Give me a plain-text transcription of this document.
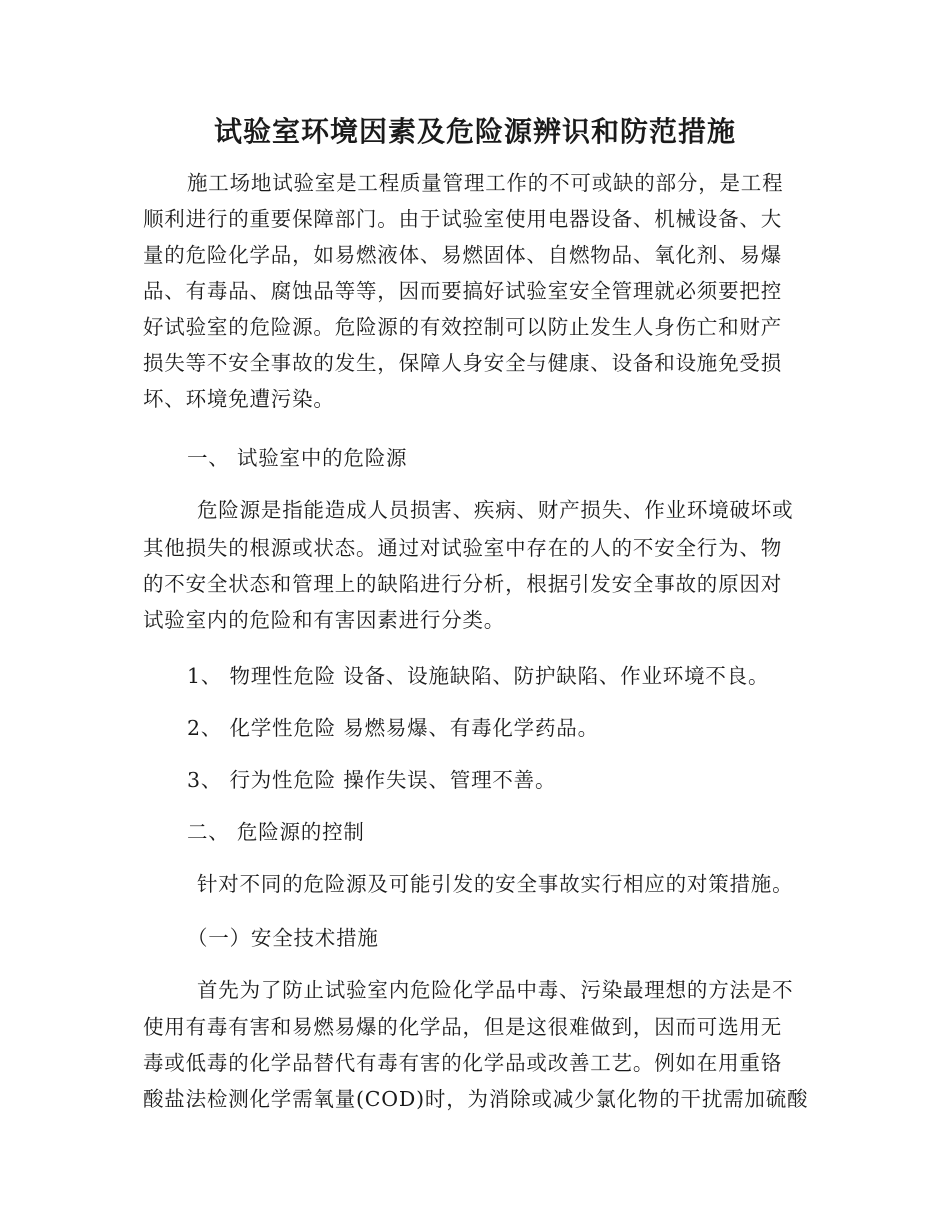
试验室环境因素及危险源辨识和防范措施
施工场地试验室是工程质量管理工作的不可或缺的部分，是工程
顺利进行的重要保障部门。由于试验室使用电器设备、机械设备、大
量的危险化学品，如易燃液体、易燃固体、自燃物品、氧化剂、易爆
品、有毒品、腐蚀品等等，因而要搞好试验室安全管理就必须要把控
好试验室的危险源。危险源的有效控制可以防止发生人身伤亡和财产
损失等不安全事故的发生，保障人身安全与健康、设备和设施免受损
坏、环境免遭污染。
一、 试验室中的危险源
危险源是指能造成人员损害、疾病、财产损失、作业环境破坏或
其他损失的根源或状态。通过对试验室中存在的人的不安全行为、物
的不安全状态和管理上的缺陷进行分析，根据引发安全事故的原因对
试验室内的危险和有害因素进行分类。
1、 物理性危险 设备、设施缺陷、防护缺陷、作业环境不良。
2、 化学性危险 易燃易爆、有毒化学药品。
3、 行为性危险 操作失误、管理不善。
二、 危险源的控制
针对不同的危险源及可能引发的安全事故实行相应的对策措施。
（一）安全技术措施
首先为了防止试验室内危险化学品中毒、污染最理想的方法是不
使用有毒有害和易燃易爆的化学品，但是这很难做到，因而可选用无
毒或低毒的化学品替代有毒有害的化学品或改善工艺。例如在用重铬
酸盐法检测化学需氧量(COD)时，为消除或减少氯化物的干扰需加硫酸
